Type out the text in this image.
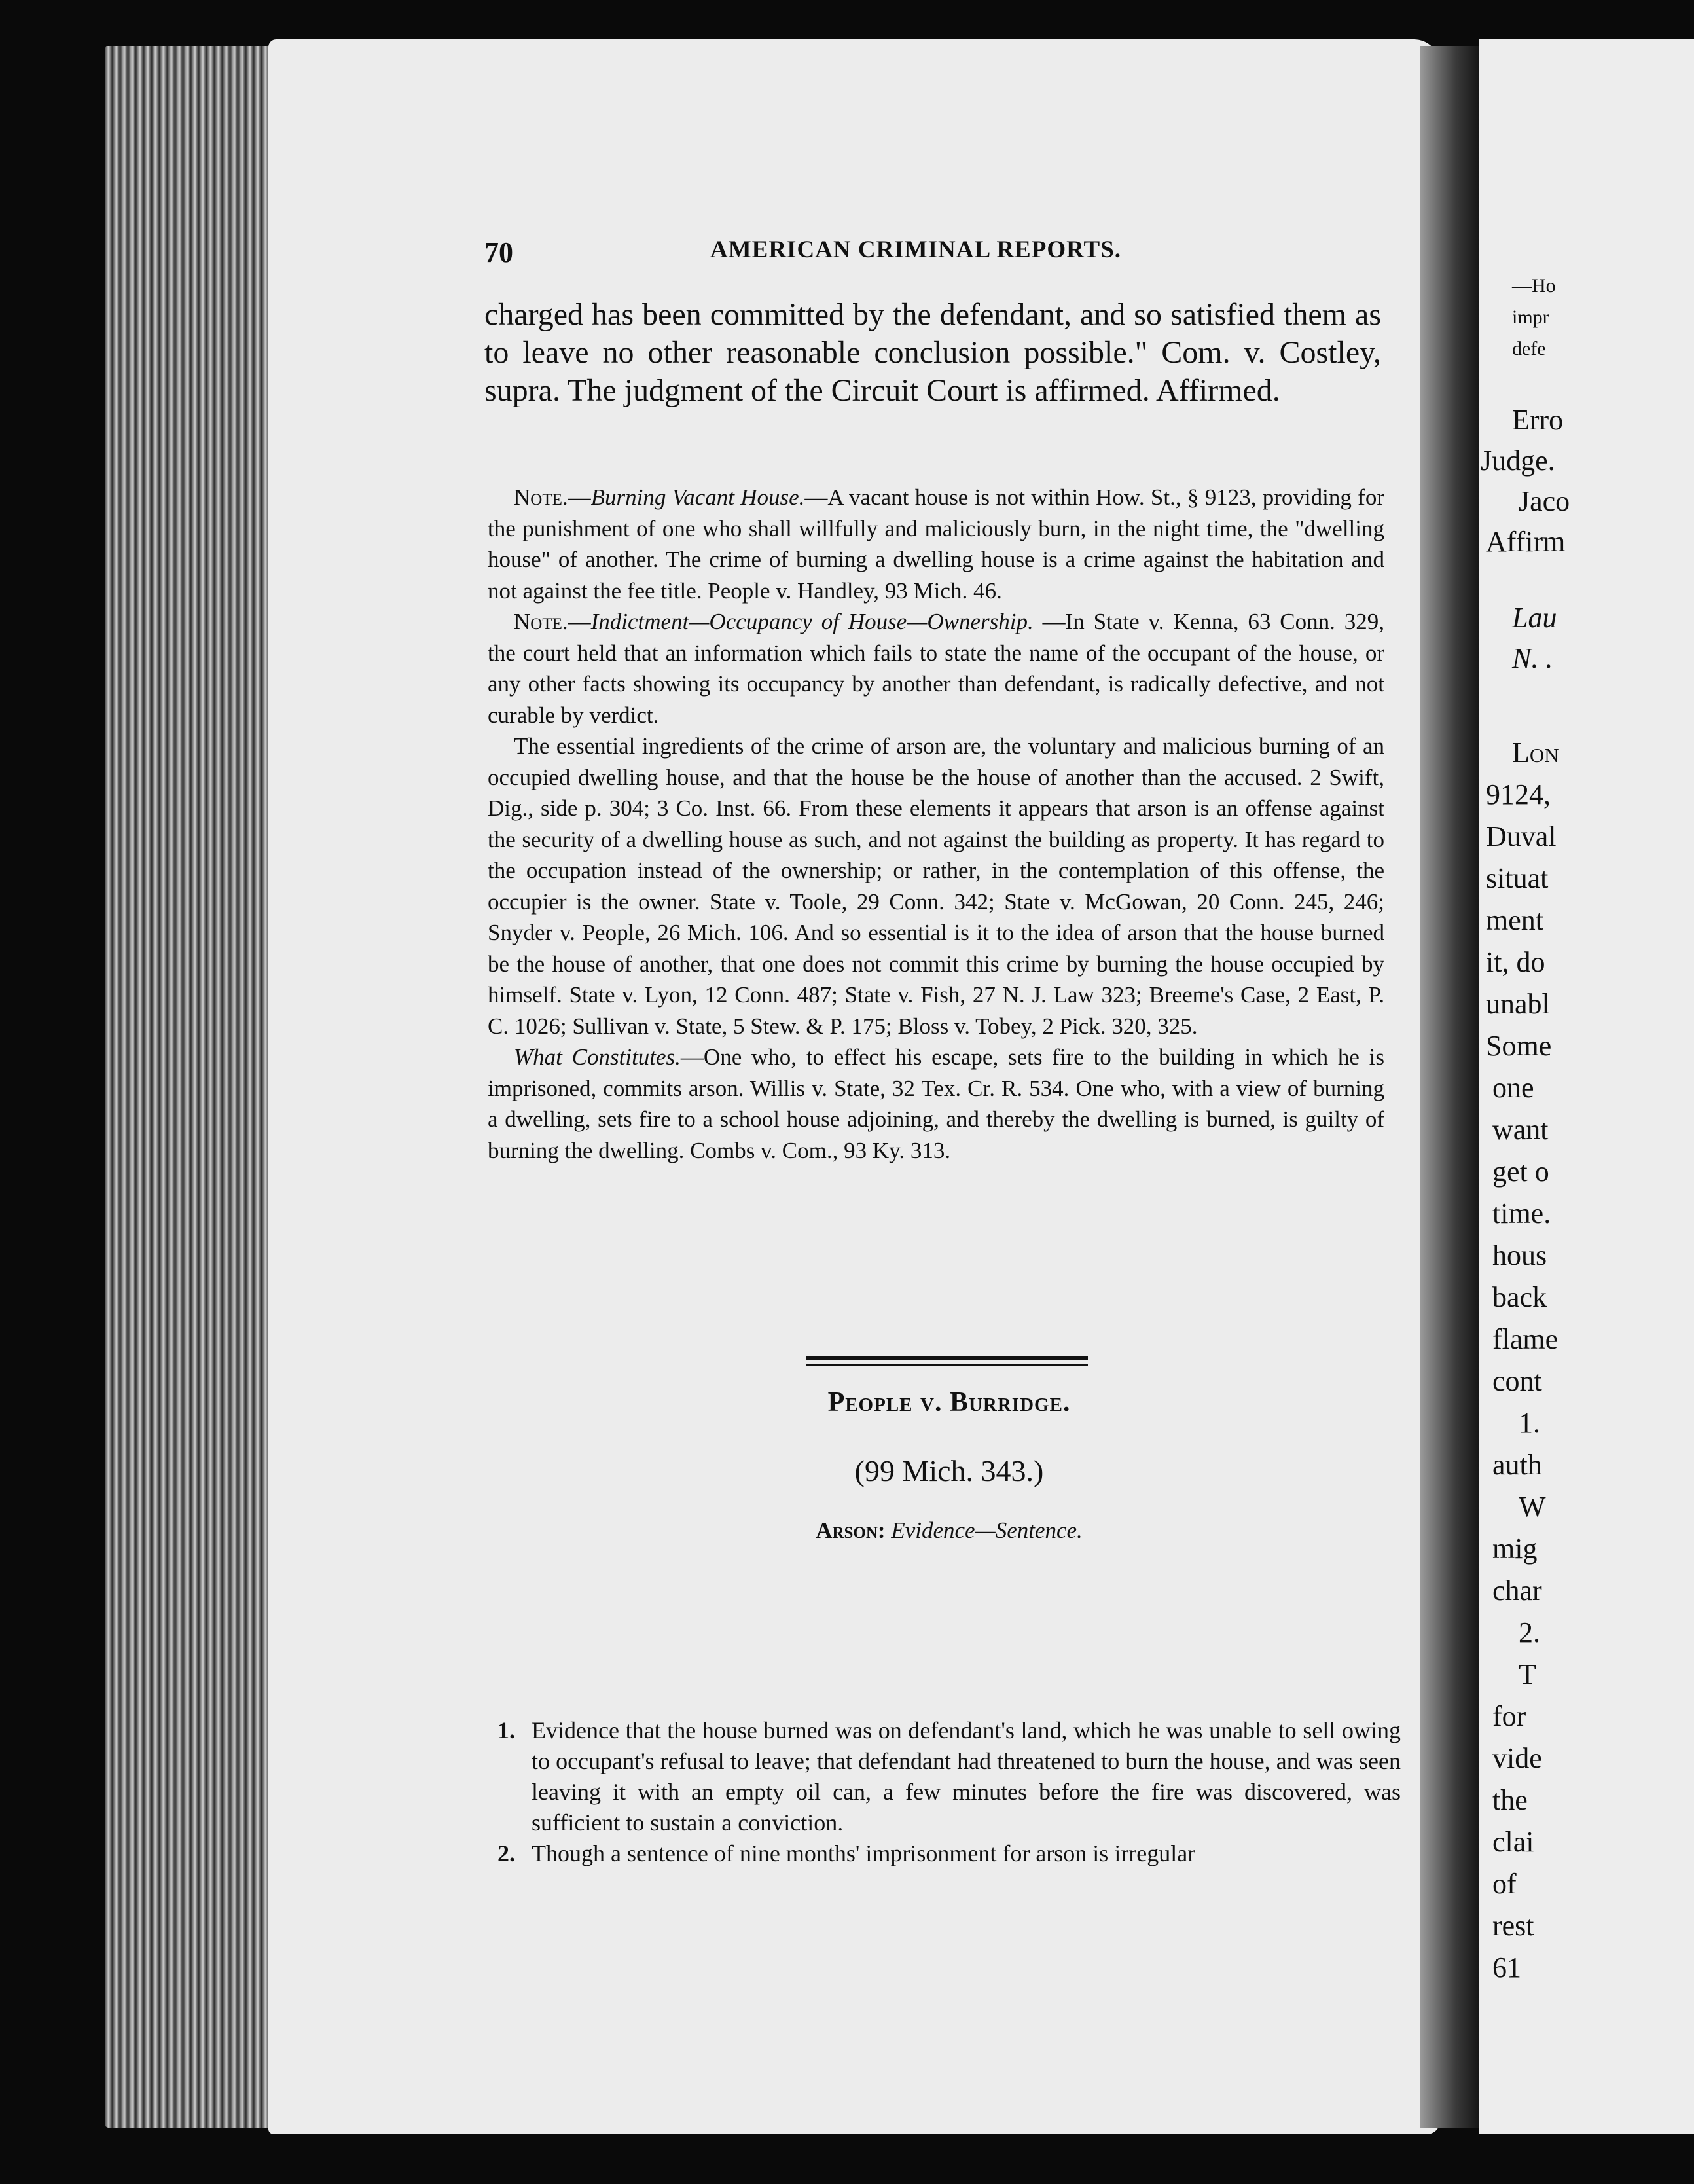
—Ho
impr
defe
Erro
Judge.
Jaco
Affirm
Lau
N. .
Lon
9124,
Duval
situat
ment
it, do
unabl
Some
one
want
get o
time.
hous
back
flame
cont
1.
auth
W
mig
char
2.
T
for
vide
the
clai
of
rest
61
70	AMERICAN CRIMINAL REPORTS.
charged has been committed by the defendant, and so satisfied them as to leave no other reasonable conclusion possible." Com. v. Costley, supra. The judgment of the Circuit Court is affirmed. Affirmed.

Note.—Burning Vacant House.—A vacant house is not within How. St., § 9123, providing for the punishment of one who shall willfully and maliciously burn, in the night time, the "dwelling house" of another. The crime of burning a dwelling house is a crime against the habitation and not against the fee title. People v. Handley, 93 Mich. 46.

Note.—Indictment—Occupancy of House—Ownership. —In State v. Kenna, 63 Conn. 329, the court held that an information which fails to state the name of the occupant of the house, or any other facts showing its occupancy by another than defendant, is radically defective, and not curable by verdict.

The essential ingredients of the crime of arson are, the voluntary and malicious burning of an occupied dwelling house, and that the house be the house of another than the accused. 2 Swift, Dig., side p. 304; 3 Co. Inst. 66. From these elements it appears that arson is an offense against the security of a dwelling house as such, and not against the building as property. It has regard to the occupation instead of the ownership; or rather, in the contemplation of this offense, the occupier is the owner. State v. Toole, 29 Conn. 342; State v. McGowan, 20 Conn. 245, 246; Snyder v. People, 26 Mich. 106. And so essential is it to the idea of arson that the house burned be the house of another, that one does not commit this crime by burning the house occupied by himself. State v. Lyon, 12 Conn. 487; State v. Fish, 27 N. J. Law 323; Breeme's Case, 2 East, P. C. 1026; Sullivan v. State, 5 Stew. & P. 175; Bloss v. Tobey, 2 Pick. 320, 325.

What Constitutes.—One who, to effect his escape, sets fire to the building in which he is imprisoned, commits arson. Willis v. State, 32 Tex. Cr. R. 534. One who, with a view of burning a dwelling, sets fire to a school house adjoining, and thereby the dwelling is burned, is guilty of burning the dwelling. Combs v. Com., 93 Ky. 313.

People v. Burridge.
(99 Mich. 343.)
Arson: Evidence—Sentence.
1. Evidence that the house burned was on defendant's land, which he was unable to sell owing to occupant's refusal to leave; that defendant had threatened to burn the house, and was seen leaving it with an empty oil can, a few minutes before the fire was discovered, was sufficient to sustain a conviction.
2. Though a sentence of nine months' imprisonment for arson is irregular
